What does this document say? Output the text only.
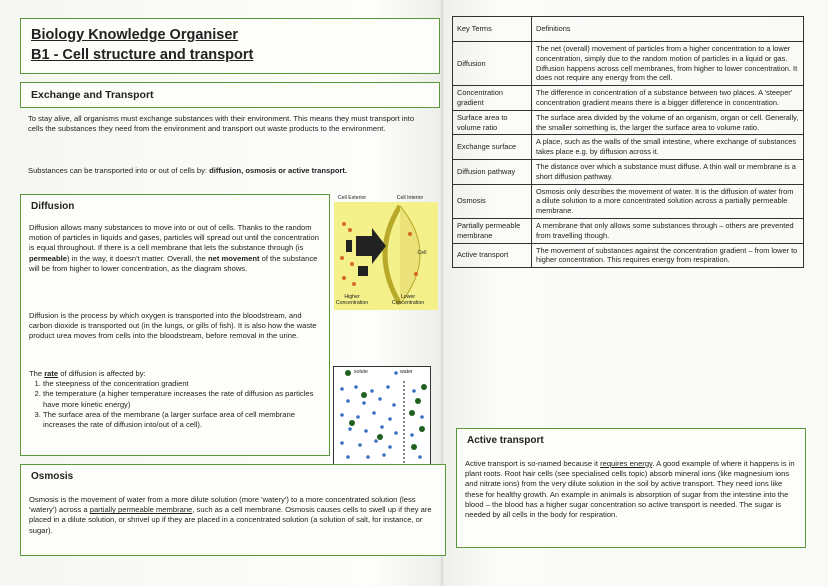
Biology Knowledge Organiser
B1 - Cell structure and transport
Exchange and Transport
To stay alive, all organisms must exchange substances with their environment. This means they must transport into cells the substances they need from the environment and transport out waste products to the environment.
Substances can be transported into or out of cells by: diffusion, osmosis or active transport.
Diffusion
Diffusion allows many substances to move into or out of cells. Thanks to the random motion of particles in liquids and gases, particles will spread out until the concentration is equal throughout. If there is a cell membrane that lets the substance through (is permeable) in the way, it doesn't matter. Overall, the net movement of the substance will be from higher to lower concentration, as the diagram shows.
Diffusion is the process by which oxygen is transported into the bloodstream, and carbon dioxide is transported out (in the lungs, or gills of fish). It is also how the waste product urea moves from cells into the bloodstream, before removal in the urine.
The rate of diffusion is affected by:
1. the steepness of the concentration gradient
2. the temperature (a higher temperature increases the rate of diffusion as particles have more kinetic energy)
3. The surface area of the membrane (a larger surface area of cell membrane increases the rate of diffusion into/out of a cell).
Cell Exterior	Cell Interior
Cell
Higher Concentration
Lower Concentration
solute	water
Osmosis
Osmosis is the movement of water from a more dilute solution (more 'watery') to a more concentrated solution (less 'watery') across a partially permeable membrane, such as a cell membrane. Osmosis causes cells to swell up if they are placed in a dilute solution, or shrivel up if they are placed in a concentrated solution (a solution of salt, for instance, or sugar).
Key Terms	Definitions
Diffusion	The net (overall) movement of particles from a higher concentration to a lower concentration, simply due to the random motion of particles in a liquid or gas. Diffusion happens across cell membranes, from higher to lower concentration. It does not require any energy from the cell.
Concentration gradient	The difference in concentration of a substance between two places. A 'steeper' concentration gradient means there is a bigger difference in concentration.
Surface area to volume ratio	The surface area divided by the volume of an organism, organ or cell. Generally, the smaller something is, the larger the surface area to volume ratio.
Exchange surface	A place, such as the walls of the small intestine, where exchange of substances takes place e.g. by diffusion across it.
Diffusion pathway	The distance over which a substance must diffuse. A thin wall or membrane is a short diffusion pathway.
Osmosis	Osmosis only describes the movement of water. It is the diffusion of water from a dilute solution to a more concentrated solution across a partially permeable membrane.
Partially permeable membrane	A membrane that only allows some substances through – others are prevented from travelling though.
Active transport	The movement of substances against the concentration gradient – from lower to higher concentration. This requires energy from respiration.
Active transport
Active transport is so-named because it requires energy. A good example of where it happens is in plant roots. Root hair cells (see specialised cells topic) absorb mineral ions (like magnesium ions and nitrate ions) from the very dilute solution in the soil by active transport. They need ions like these for healthy growth. An example in animals is absorption of sugar from the intestine into the blood – the blood has a higher sugar concentration so active transport is needed. The sugar is needed by all cells in the body for respiration.
